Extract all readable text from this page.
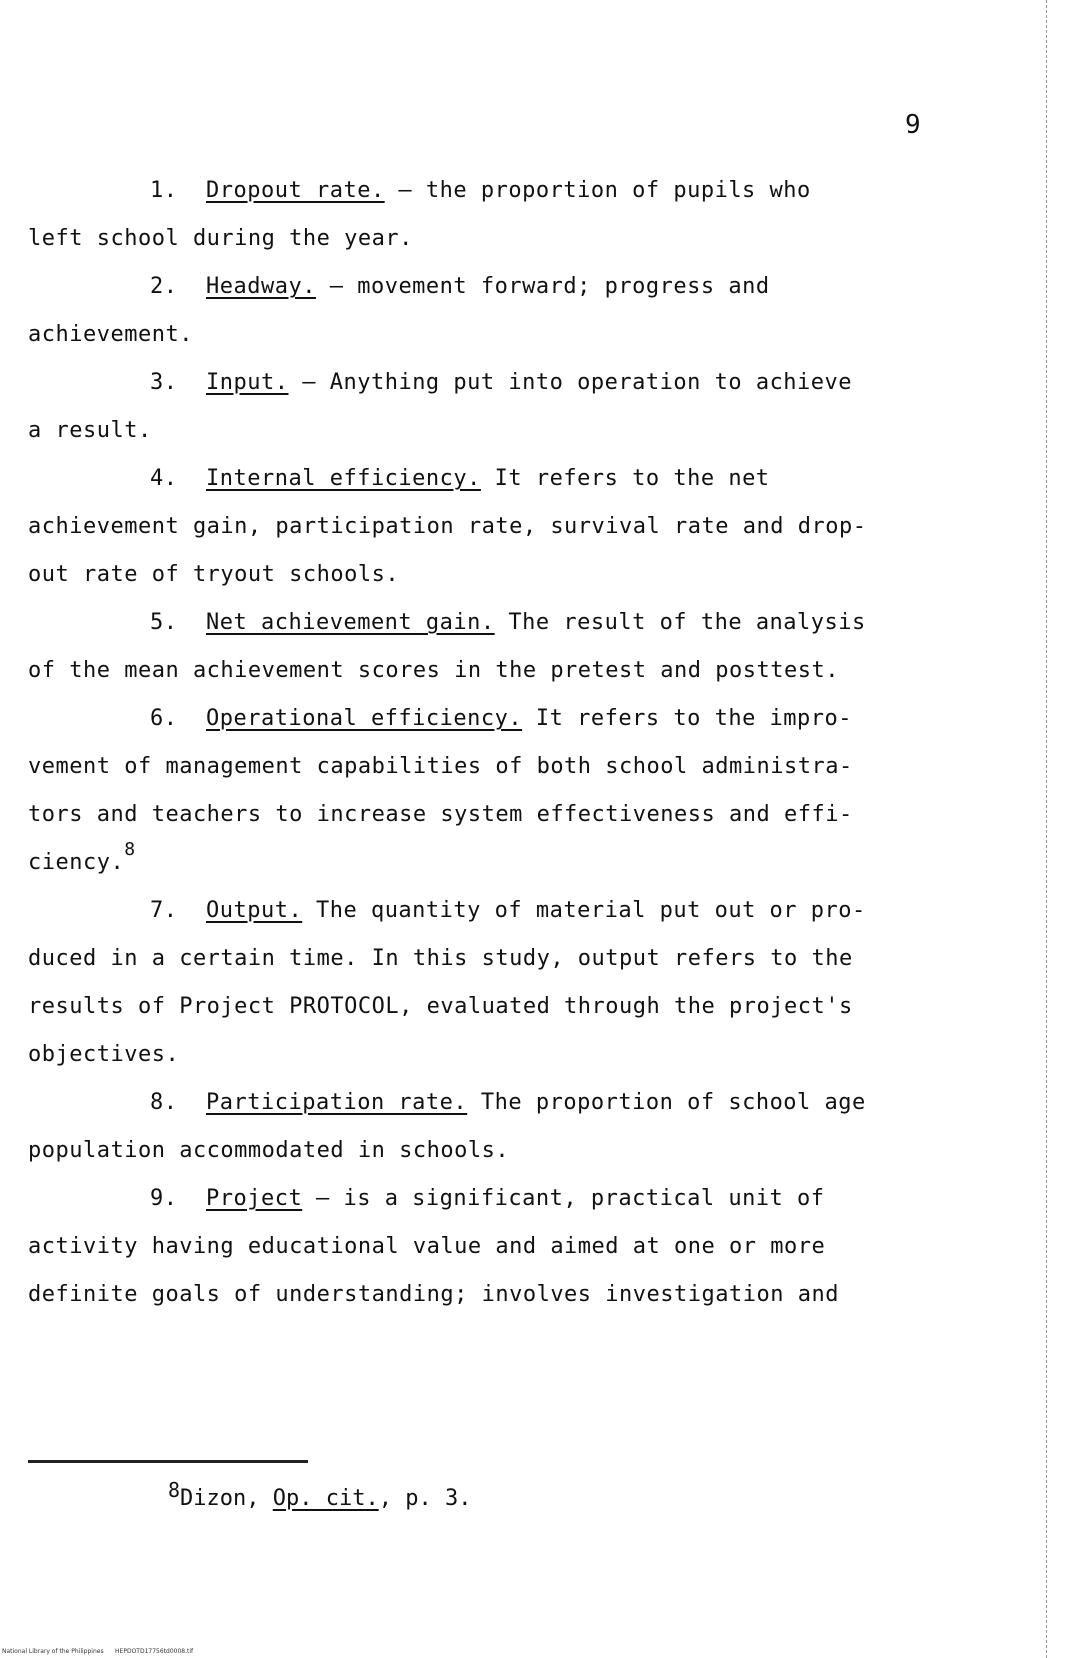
9
1. Dropout rate. — the proportion of pupils who
left school during the year.
2. Headway. — movement forward; progress and
achievement.
3. Input. — Anything put into operation to achieve
a result.
4. Internal efficiency. It refers to the net
achievement gain, participation rate, survival rate and drop-
out rate of tryout schools.
5. Net achievement gain. The result of the analysis
of the mean achievement scores in the pretest and posttest.
6. Operational efficiency. It refers to the impro-
vement of management capabilities of both school administra-
tors and teachers to increase system effectiveness and effi-
ciency.$^8$
7. Output. The quantity of material put out or pro-
duced in a certain time. In this study, output refers to the
results of Project PROTOCOL, evaluated through the project's
objectives.
8. Participation rate. The proportion of school age
population accommodated in schools.
9. Project — is a significant, practical unit of
activity having educational value and aimed at one or more
definite goals of understanding; involves investigation and
8Dizon, Op. cit., p. 3.
National Library of the Philippines HEPDOTD17756td0008.tif
